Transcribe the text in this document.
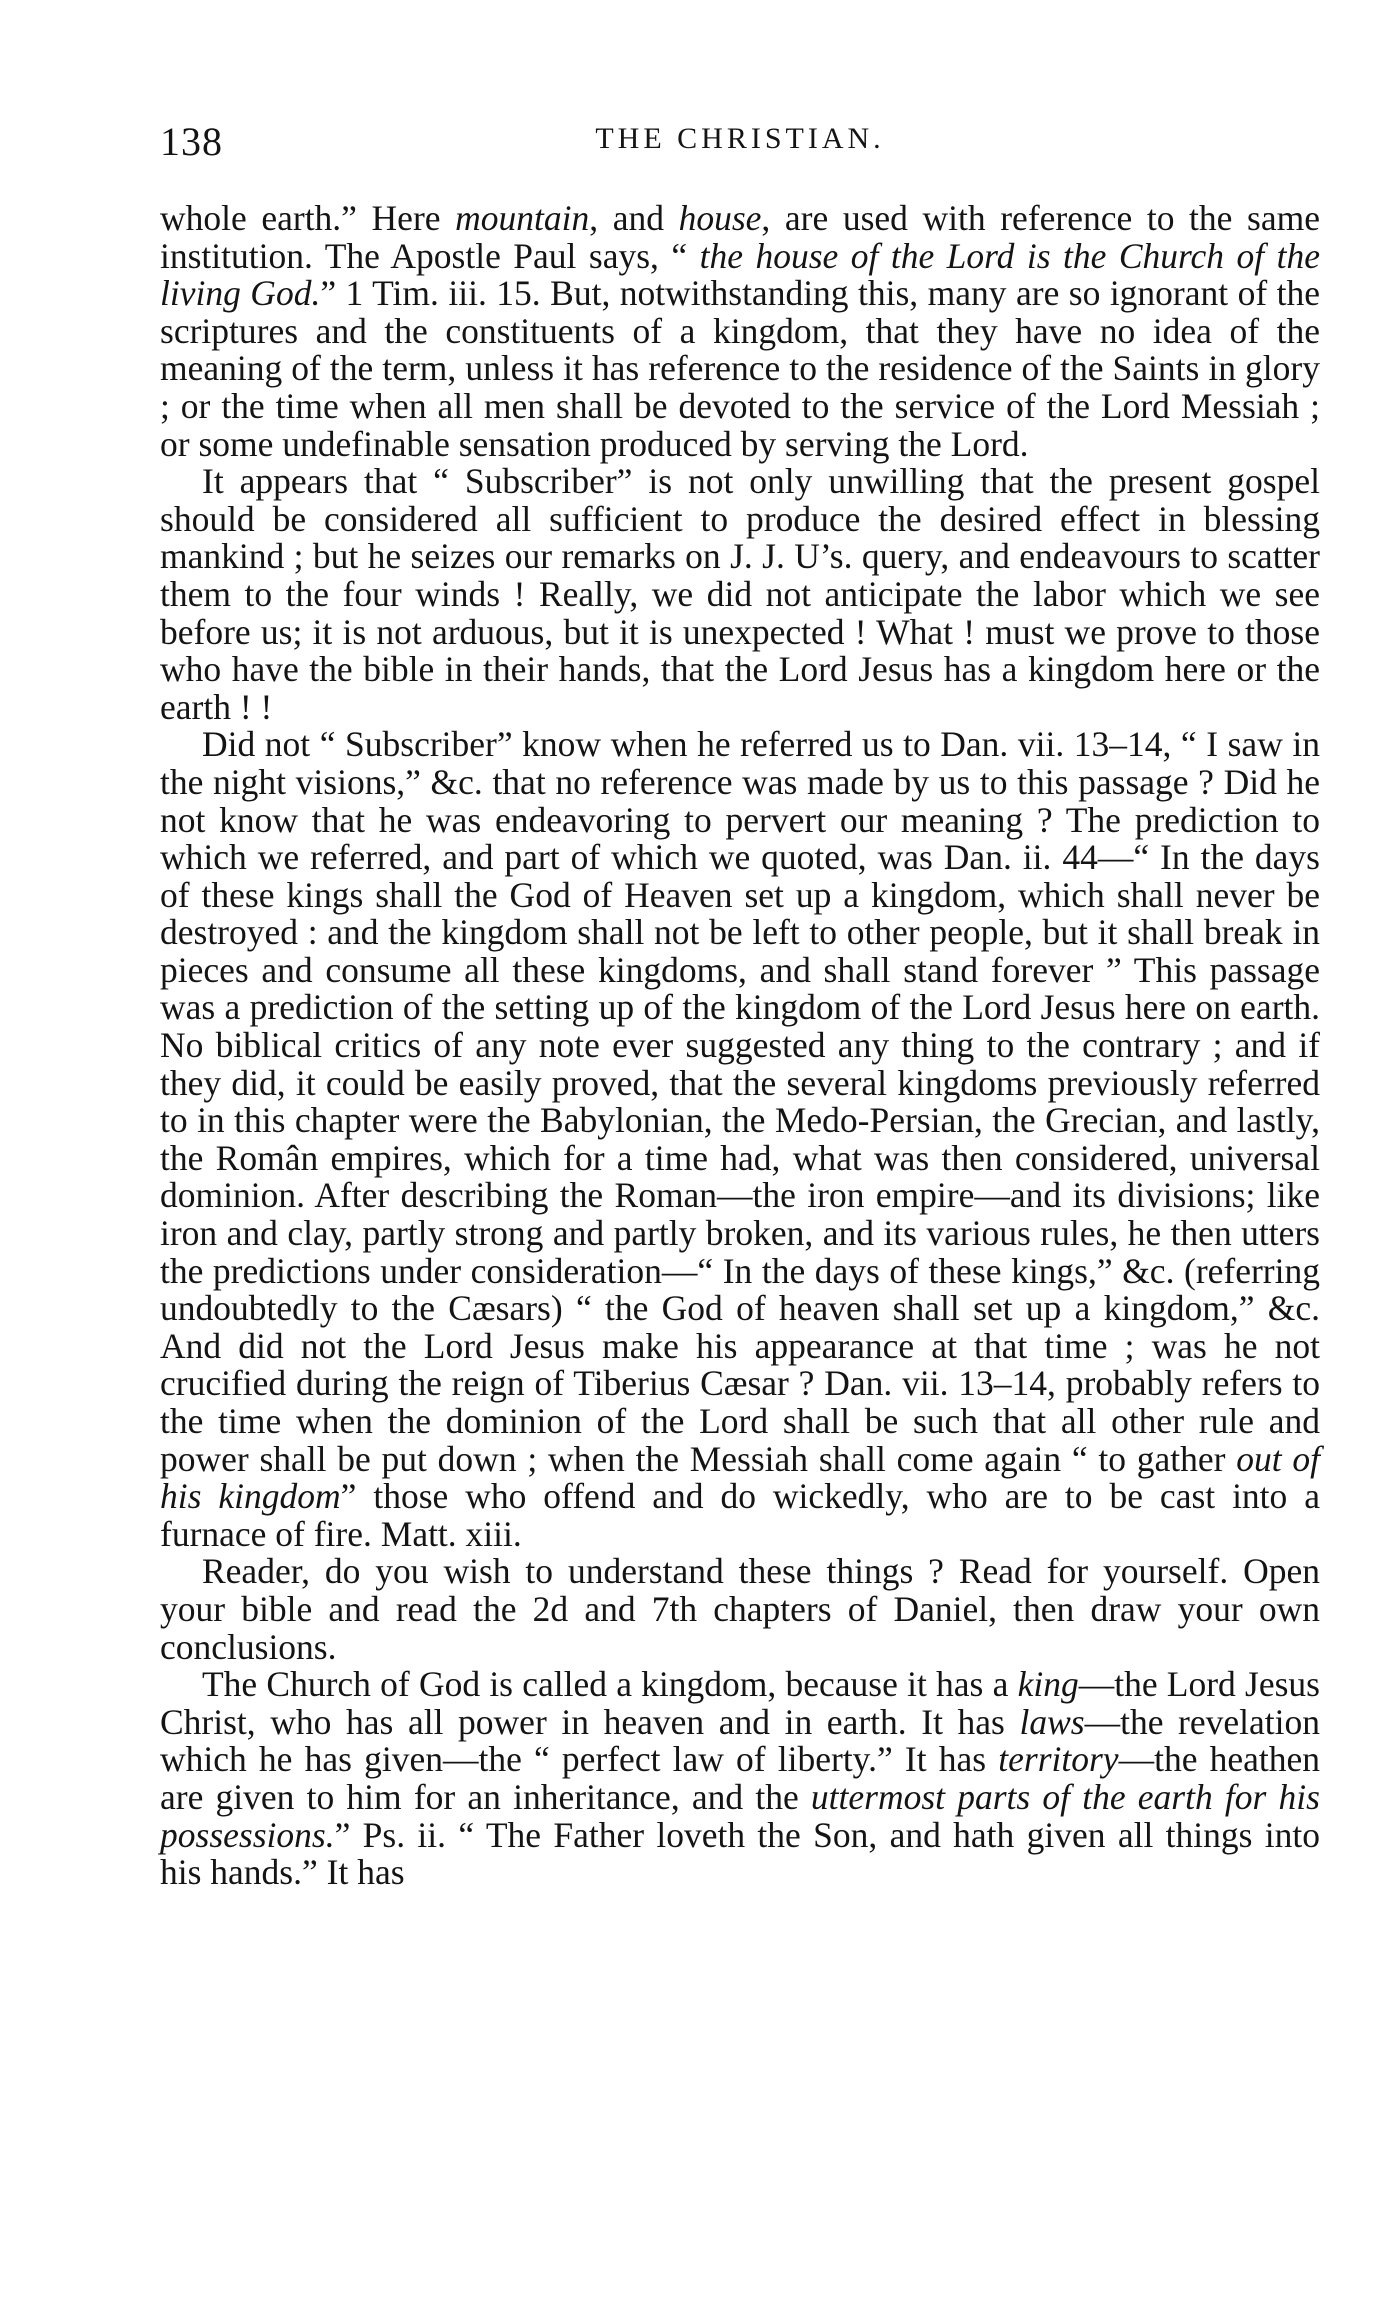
138	THE CHRISTIAN.

whole earth.” Here mountain, and house, are used with reference to the same institution. The Apostle Paul says, “ the house of the Lord is the Church of the living God.” 1 Tim. iii. 15. But, notwithstanding this, many are so ignorant of the scriptures and the constituents of a kingdom, that they have no idea of the meaning of the term, unless it has reference to the residence of the Saints in glory ; or the time when all men shall be devoted to the service of the Lord Messiah ; or some undefinable sensation produced by serving the Lord.

It appears that “ Subscriber” is not only unwilling that the present gospel should be considered all sufficient to produce the desired effect in blessing mankind ; but he seizes our remarks on J. J. U’s. query, and endeavours to scatter them to the four winds ! Really, we did not anticipate the labor which we see before us; it is not arduous, but it is unexpected ! What ! must we prove to those who have the bible in their hands, that the Lord Jesus has a kingdom here or the earth ! !

Did not “ Subscriber” know when he referred us to Dan. vii. 13–14, “ I saw in the night visions,” &c. that no reference was made by us to this passage ? Did he not know that he was endeavoring to pervert our meaning ? The prediction to which we referred, and part of which we quoted, was Dan. ii. 44—“ In the days of these kings shall the God of Heaven set up a kingdom, which shall never be destroyed : and the kingdom shall not be left to other people, but it shall break in pieces and consume all these kingdoms, and shall stand forever ” This passage was a prediction of the setting up of the kingdom of the Lord Jesus here on earth. No biblical critics of any note ever suggested any thing to the contrary ; and if they did, it could be easily proved, that the several kingdoms previously referred to in this chapter were the Babylonian, the Medo-Persian, the Grecian, and lastly, the Român empires, which for a time had, what was then considered, universal dominion. After describing the Roman—the iron empire—and its divisions; like iron and clay, partly strong and partly broken, and its various rules, he then utters the predictions under consideration—“ In the days of these kings,” &c. (referring undoubtedly to the Cæsars) “ the God of heaven shall set up a kingdom,” &c. And did not the Lord Jesus make his appearance at that time ; was he not crucified during the reign of Tiberius Cæsar ? Dan. vii. 13–14, probably refers to the time when the dominion of the Lord shall be such that all other rule and power shall be put down ; when the Messiah shall come again “ to gather out of his kingdom” those who offend and do wickedly, who are to be cast into a furnace of fire. Matt. xiii.

Reader, do you wish to understand these things ? Read for yourself. Open your bible and read the 2d and 7th chapters of Daniel, then draw your own conclusions.

The Church of God is called a kingdom, because it has a king—the Lord Jesus Christ, who has all power in heaven and in earth. It has laws—the revelation which he has given—the “ perfect law of liberty.” It has territory—the heathen are given to him for an inheritance, and the uttermost parts of the earth for his possessions.” Ps. ii. “ The Father loveth the Son, and hath given all things into his hands.” It has
